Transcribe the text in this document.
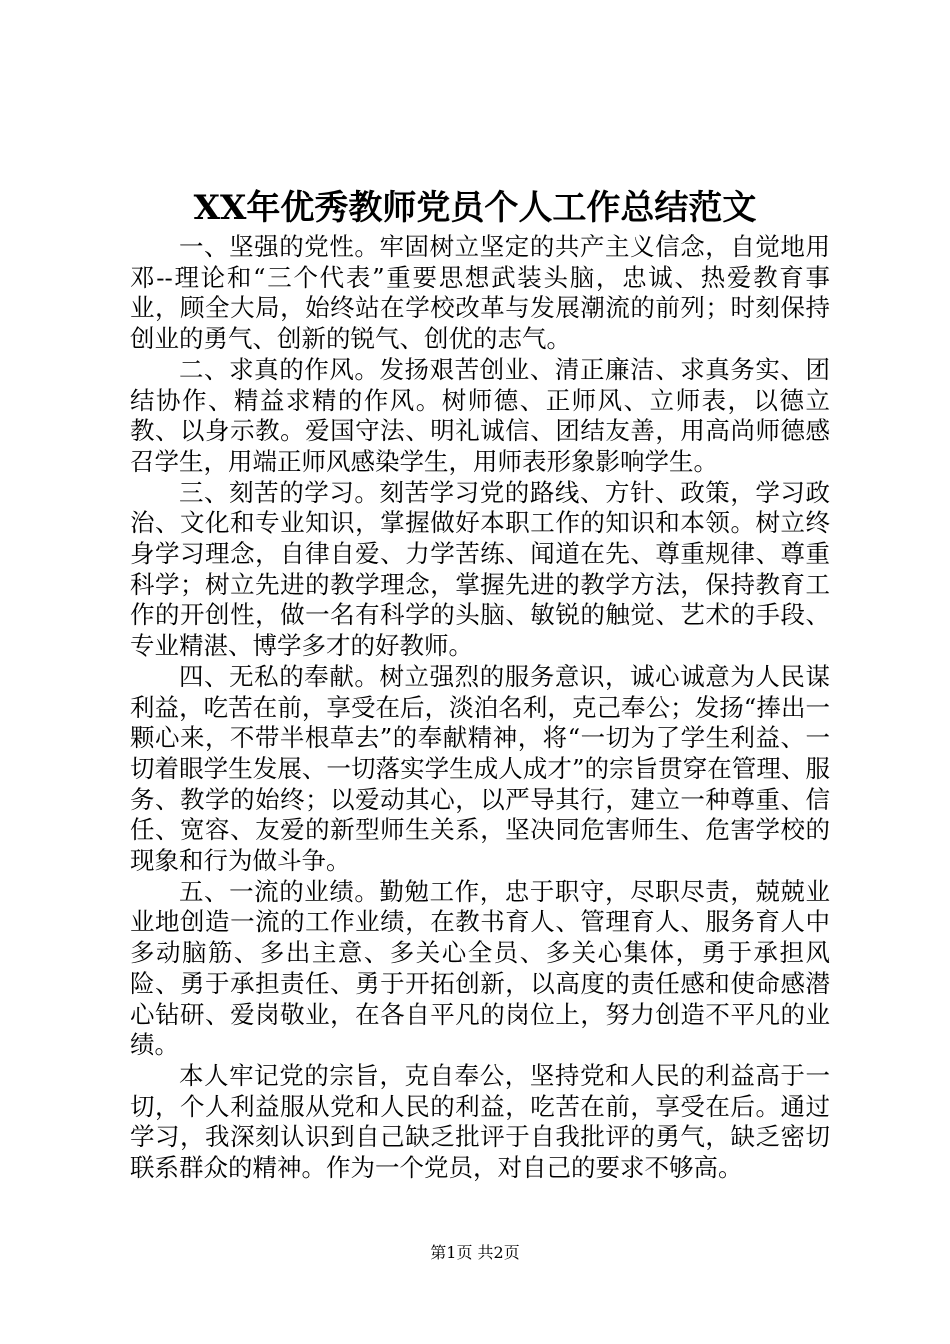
XX年优秀教师党员个人工作总结范文

一、坚强的党性。牢固树立坚定的共产主义信念，自觉地用邓--理论和“三个代表”重要思想武装头脑，忠诚、热爱教育事业，顾全大局，始终站在学校改革与发展潮流的前列；时刻保持创业的勇气、创新的锐气、创优的志气。

二、求真的作风。发扬艰苦创业、清正廉洁、求真务实、团结协作、精益求精的作风。树师德、正师风、立师表，以德立教、以身示教。爱国守法、明礼诚信、团结友善，用高尚师德感召学生，用端正师风感染学生，用师表形象影响学生。

三、刻苦的学习。刻苦学习党的路线、方针、政策，学习政治、文化和专业知识，掌握做好本职工作的知识和本领。树立终身学习理念，自律自爱、力学苦练、闻道在先、尊重规律、尊重科学；树立先进的教学理念，掌握先进的教学方法，保持教育工作的开创性，做一名有科学的头脑、敏锐的触觉、艺术的手段、专业精湛、博学多才的好教师。

四、无私的奉献。树立强烈的服务意识，诚心诚意为人民谋利益，吃苦在前，享受在后，淡泊名利，克己奉公；发扬“捧出一颗心来，不带半根草去”的奉献精神，将“一切为了学生利益、一切着眼学生发展、一切落实学生成人成才”的宗旨贯穿在管理、服务、教学的始终；以爱动其心，以严导其行，建立一种尊重、信任、宽容、友爱的新型师生关系，坚决同危害师生、危害学校的现象和行为做斗争。

五、一流的业绩。勤勉工作，忠于职守，尽职尽责，兢兢业业地创造一流的工作业绩，在教书育人、管理育人、服务育人中多动脑筋、多出主意、多关心全员、多关心集体，勇于承担风险、勇于承担责任、勇于开拓创新，以高度的责任感和使命感潜心钻研、爱岗敬业，在各自平凡的岗位上，努力创造不平凡的业绩。

本人牢记党的宗旨，克自奉公，坚持党和人民的利益高于一切，个人利益服从党和人民的利益，吃苦在前，享受在后。通过学习，我深刻认识到自己缺乏批评于自我批评的勇气，缺乏密切联系群众的精神。作为一个党员，对自己的要求不够高。

第1页 共2页
